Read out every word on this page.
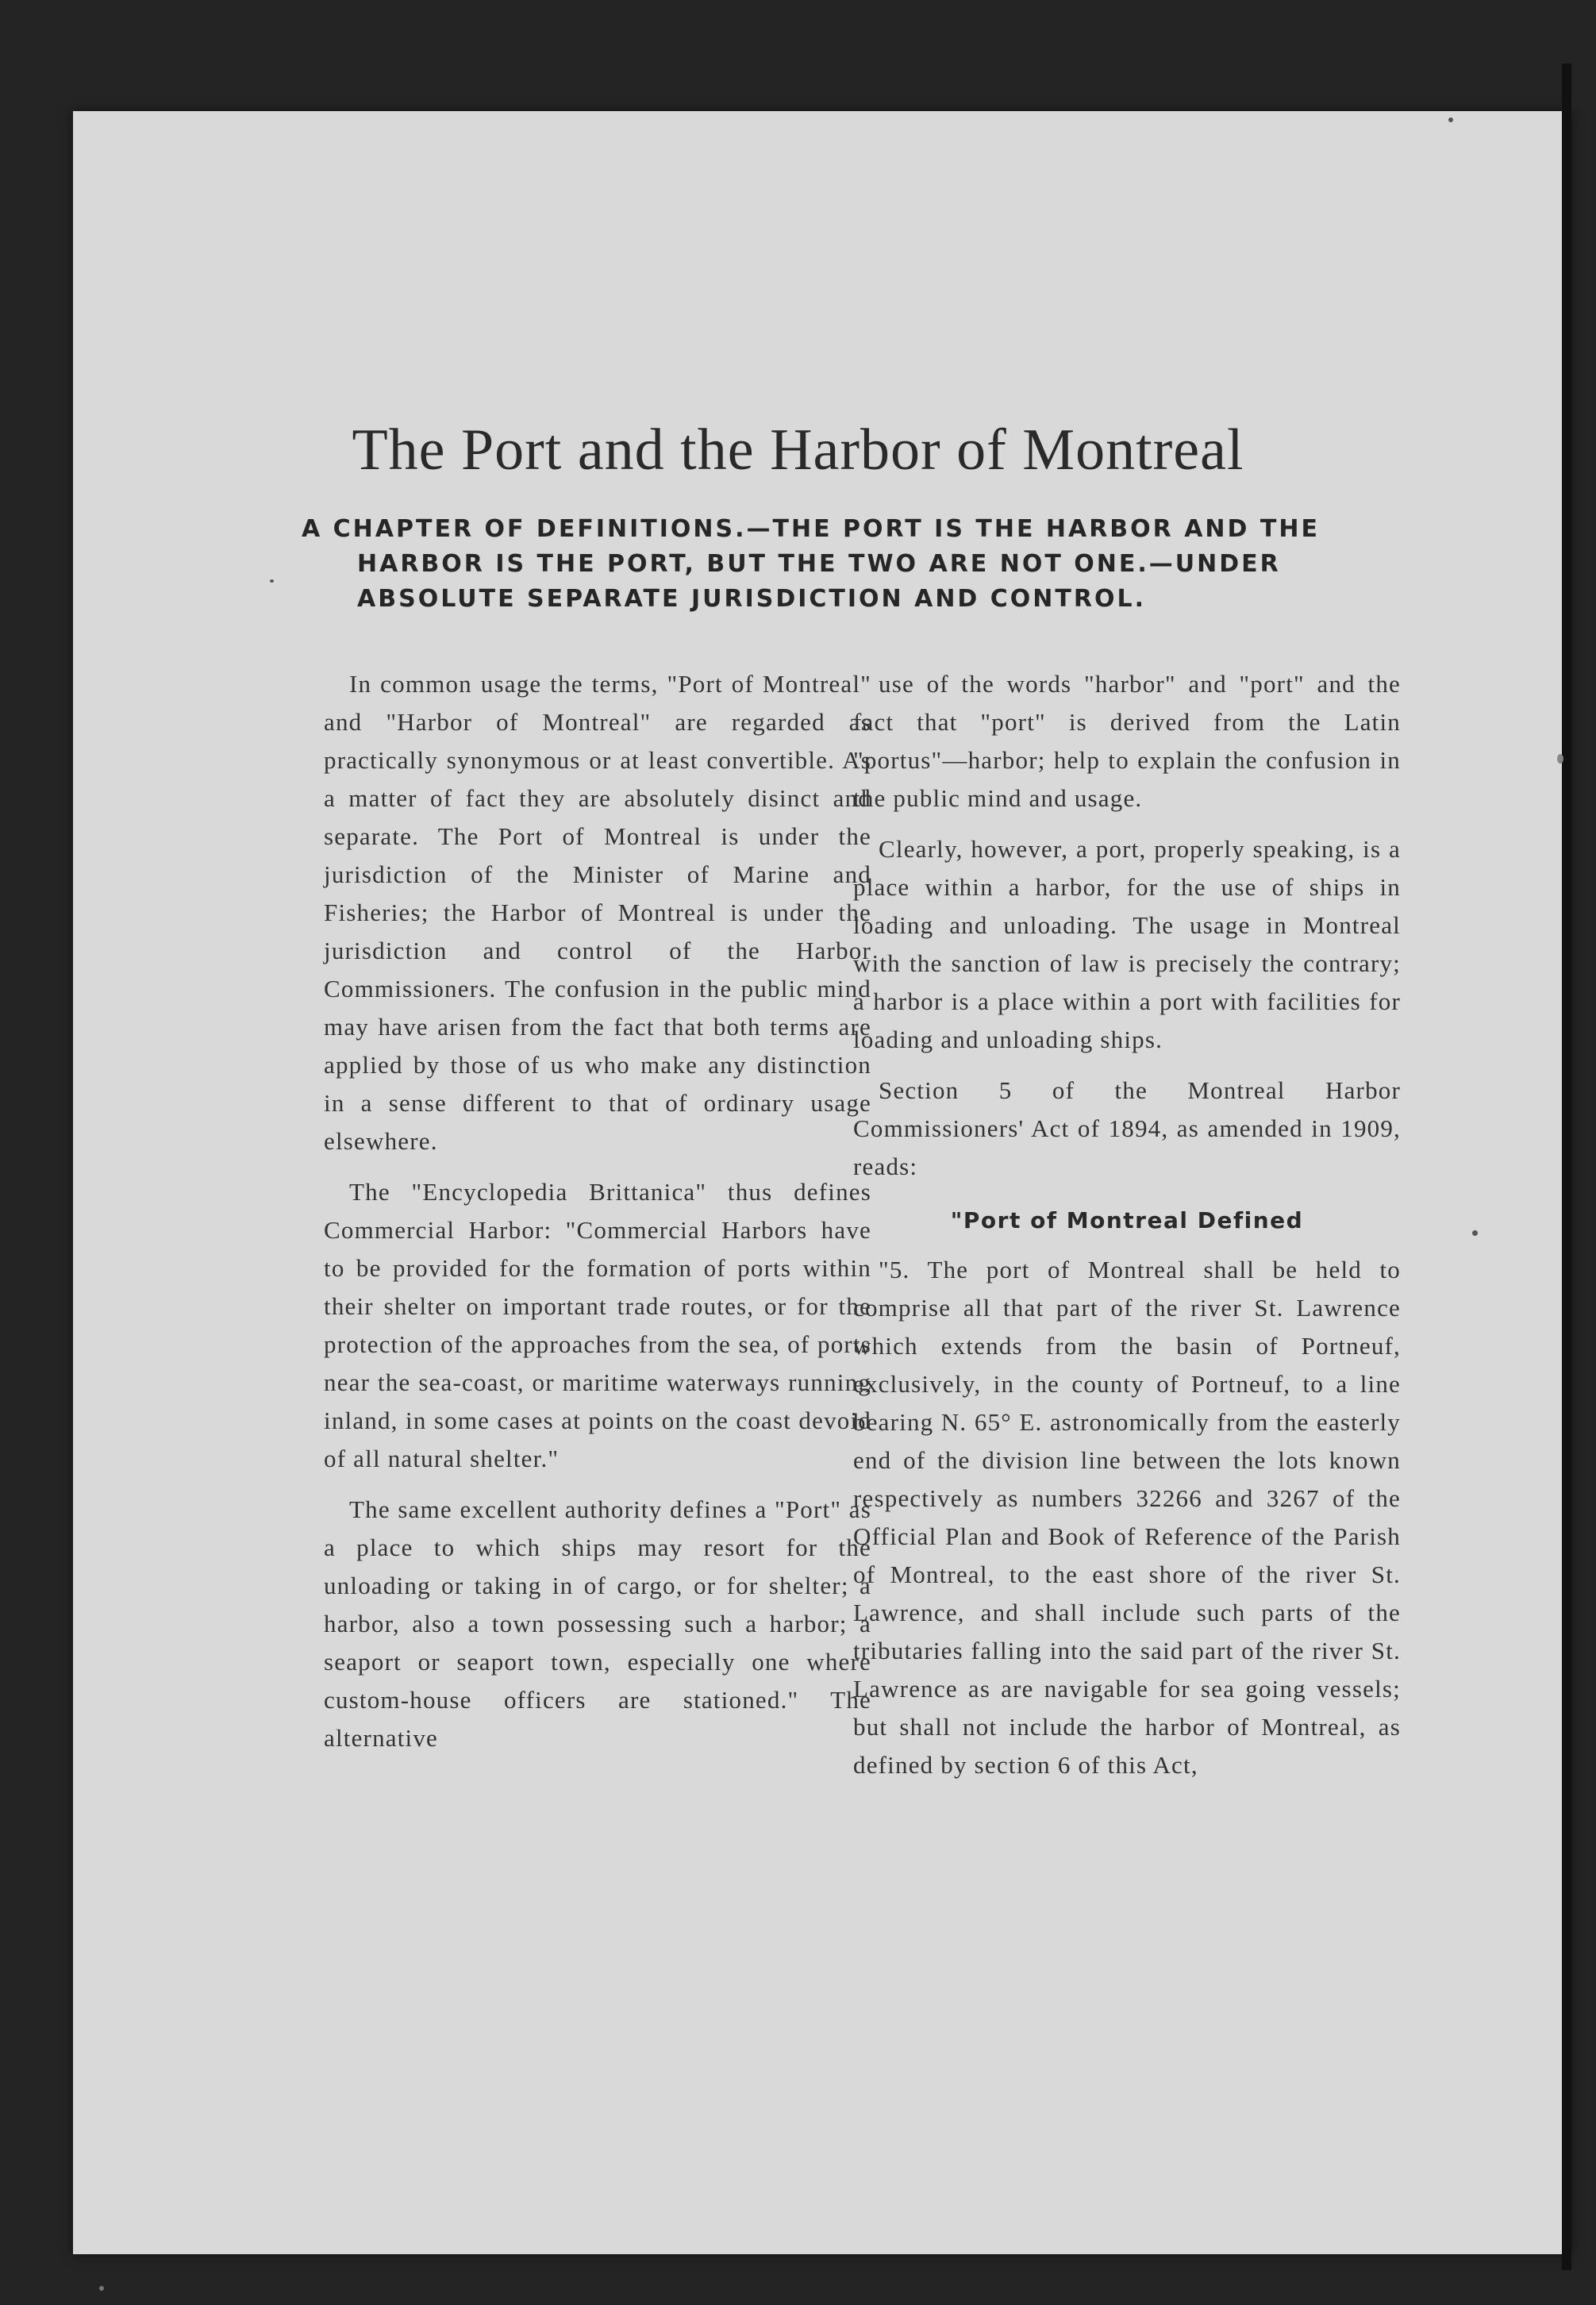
The Port and the Harbor of Montreal

A CHAPTER OF DEFINITIONS.—THE PORT IS THE HARBOR AND THE HARBOR IS THE PORT, BUT THE TWO ARE NOT ONE.—UNDER ABSOLUTE SEPARATE JURISDICTION AND CONTROL.

In common usage the terms, "Port of Montreal" and "Harbor of Montreal" are regarded as practically synonymous or at least convertible. As a matter of fact they are absolutely disinct and separate. The Port of Montreal is under the jurisdiction of the Minister of Marine and Fisheries; the Harbor of Montreal is under the jurisdiction and control of the Harbor Commissioners. The confusion in the public mind may have arisen from the fact that both terms are applied by those of us who make any distinction in a sense different to that of ordinary usage elsewhere.

The "Encyclopedia Brittanica" thus defines Commercial Harbor: "Commercial Harbors have to be provided for the formation of ports within their shelter on important trade routes, or for the protection of the approaches from the sea, of ports near the sea-coast, or maritime waterways running inland, in some cases at points on the coast devoid of all natural shelter."

The same excellent authority defines a "Port" as a place to which ships may resort for the unloading or taking in of cargo, or for shelter; a harbor, also a town possessing such a harbor; a seaport or seaport town, especially one where custom-house officers are stationed." The alternative

use of the words "harbor" and "port" and the fact that "port" is derived from the Latin "portus"—harbor; help to explain the confusion in the public mind and usage.

Clearly, however, a port, properly speaking, is a place within a harbor, for the use of ships in loading and unloading. The usage in Montreal with the sanction of law is precisely the contrary; a harbor is a place within a port with facilities for loading and unloading ships.

Section 5 of the Montreal Harbor Commissioners' Act of 1894, as amended in 1909, reads:

"Port of Montreal Defined

"5. The port of Montreal shall be held to comprise all that part of the river St. Lawrence which extends from the basin of Portneuf, exclusively, in the county of Portneuf, to a line bearing N. 65° E. astronomically from the easterly end of the division line between the lots known respectively as numbers 32266 and 3267 of the Official Plan and Book of Reference of the Parish of Montreal, to the east shore of the river St. Lawrence, and shall include such parts of the tributaries falling into the said part of the river St. Lawrence as are navigable for sea going vessels; but shall not include the harbor of Montreal, as defined by section 6 of this Act,
